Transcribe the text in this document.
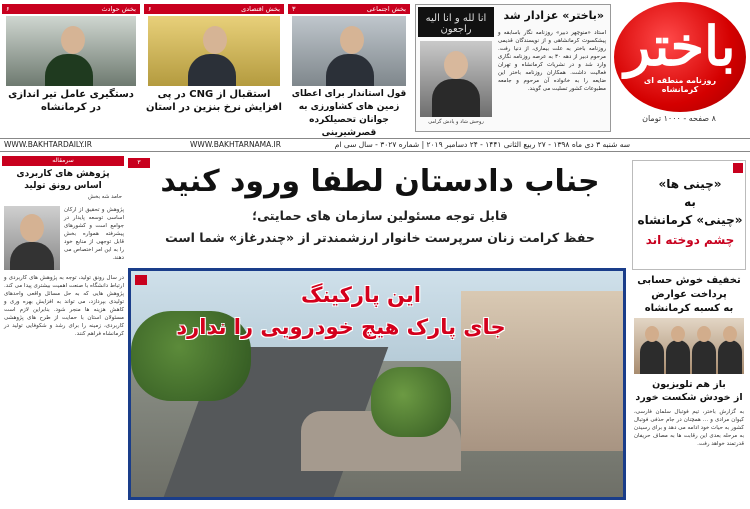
باختر
روزنامه منطقه ای کرمانشاه
۸ صفحه - ۱۰۰۰ تومان
«باختر» عزادار شد
استاد «منوچهر دبیر» روزنامه نگار باسابقه و پیشکسوت کرمانشاهی و از نویسندگان قدیمی روزنامه باختر به علت بیماری، از دنیا رفت. مرحوم دبیر از دهه ۳۰ به عرصه روزنامه نگاری وارد شد و در نشریات کرمانشاه و تهران فعالیت داشت. همکاران روزنامه باختر این ضایعه را به خانواده آن مرحوم و جامعه مطبوعات کشور تسلیت می گویند.
انا لله و انا الیه راجعون
روحش شاد و یادش گرامی
بخش اجتماعی
۳
قول استاندار برای اعطای زمین های کشاورزی به جوانان تحصیلکرده قصرشیرینی
بخش اقتصادی
۶
استقبال از CNG در پی افزایش نرخ بنزین در استان
بخش حوادث
۶
دستگیری عامل تیر اندازی در کرمانشاه
سه شنبه ۳ دی ماه ۱۳۹۸ - ۲۷ ربیع الثانی ۱۴۴۱ - ۲۴ دسامبر ۲۰۱۹ | شماره ۳۰۲۷ - سال سی ام
WWW.BAKHTARNAMA.IR
WWW.BAKHTARDAILY.IR
۳
جناب دادستان لطفا ورود کنید
قابل توجه مسئولین سازمان های حمایتی؛
حفظ کرامت زنان سرپرست خانوار ارزشمندتر از «چندرغاز» شما است
این پارکینگ
جای پارک هیچ خودرویی را ندارد
«چینی ها»
به
«چینی» کرمانشاه
چشم دوخته اند
تخفیف خوش حسابی
پرداخت عوارض
به کسبه کرمانشاه
باز هم تلویزیون
از خودش شکست خورد
به گزارش باختر، تیم فوتبال سلمان فارسی، کیوان مرادی و ... همچنان در جام حذفی فوتبال کشور به حیات خود ادامه می دهد و برای رسیدن به مرحله بعدی این رقابت ها به مصاف حریفان قدرتمند خواهد رفت.
سرمقاله
پژوهش های کاربردی اساس رونق تولید
حامد شه بخش
پژوهش و تحقیق از ارکان اساسی توسعه پایدار در جوامع است و کشورهای پیشرفته همواره بخش قابل توجهی از منابع خود را به این امر اختصاص می دهند.
در سال رونق تولید، توجه به پژوهش های کاربردی و ارتباط دانشگاه با صنعت اهمیت بیشتری پیدا می کند. پژوهش هایی که به حل مسائل واقعی واحدهای تولیدی بپردازد، می تواند به افزایش بهره وری و کاهش هزینه ها منجر شود. بنابراین لازم است مسئولان استان با حمایت از طرح های پژوهشی کاربردی، زمینه را برای رشد و شکوفایی تولید در کرمانشاه فراهم کنند.
